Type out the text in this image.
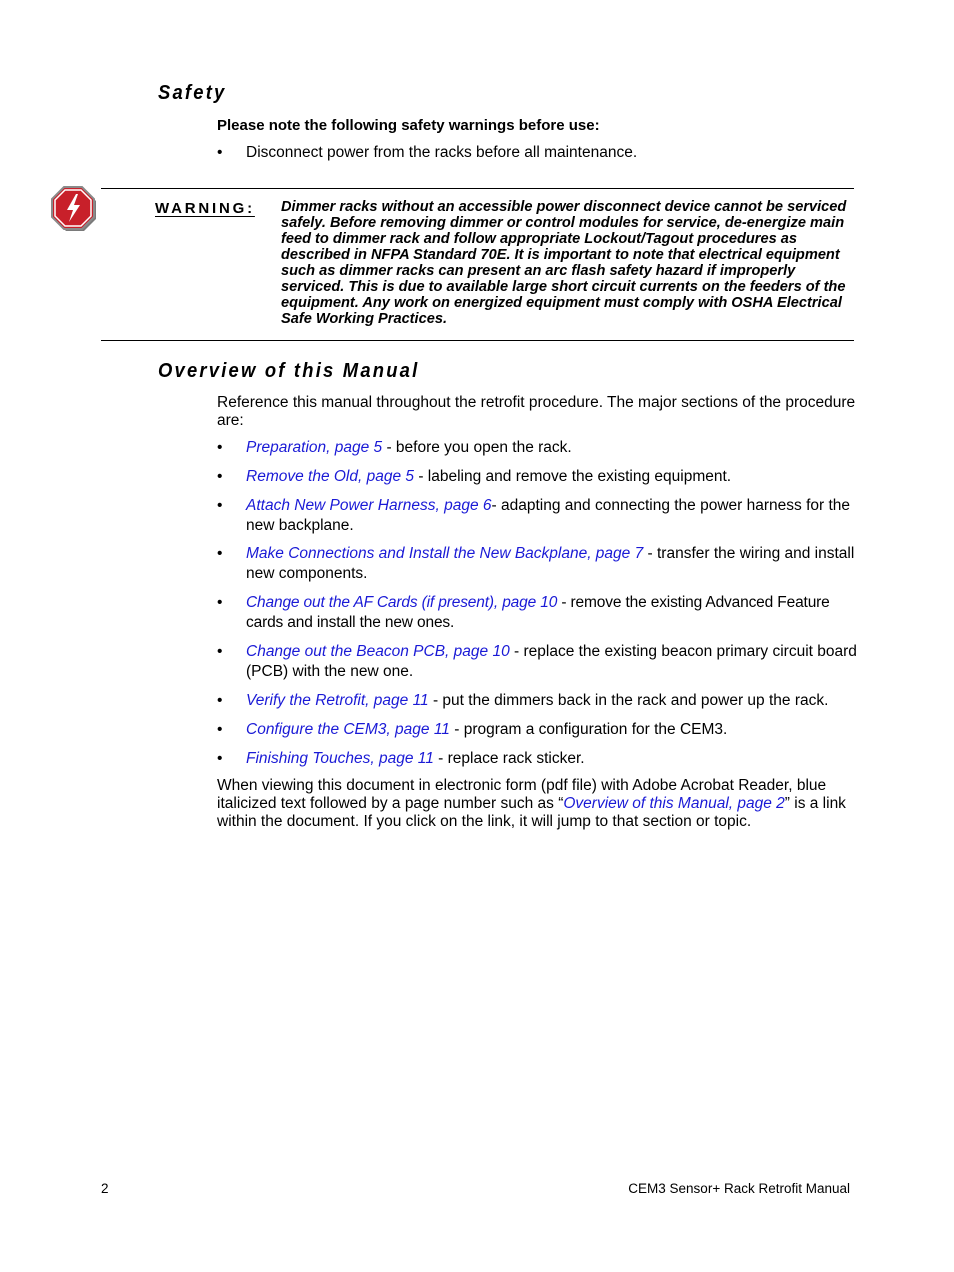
Safety

Please note the following safety warnings before use:

• Disconnect power from the racks before all maintenance.
WARNING: Dimmer racks without an accessible power disconnect device cannot be serviced safely. Before removing dimmer or control modules for service, de-energize main feed to dimmer rack and follow appropriate Lockout/Tagout procedures as described in NFPA Standard 70E. It is important to note that electrical equipment such as dimmer racks can present an arc flash safety hazard if improperly serviced. This is due to available large short circuit currents on the feeders of the equipment. Any work on energized equipment must comply with OSHA Electrical Safe Working Practices.
Overview of this Manual

Reference this manual throughout the retrofit procedure. The major sections of the procedure are:

• Preparation, page 5 - before you open the rack.
• Remove the Old, page 5 - labeling and remove the existing equipment.
• Attach New Power Harness, page 6- adapting and connecting the power harness for the new backplane.
• Make Connections and Install the New Backplane, page 7 - transfer the wiring and install new components.
• Change out the AF Cards (if present), page 10 - remove the existing Advanced Feature cards and install the new ones.
• Change out the Beacon PCB, page 10 - replace the existing beacon primary circuit board (PCB) with the new one.
• Verify the Retrofit, page 11 - put the dimmers back in the rack and power up the rack.
• Configure the CEM3, page 11 - program a configuration for the CEM3.
• Finishing Touches, page 11 - replace rack sticker.

When viewing this document in electronic form (pdf file) with Adobe Acrobat Reader, blue italicized text followed by a page number such as “Overview of this Manual, page 2” is a link within the document. If you click on the link, it will jump to that section or topic.

2	CEM3 Sensor+ Rack Retrofit Manual
